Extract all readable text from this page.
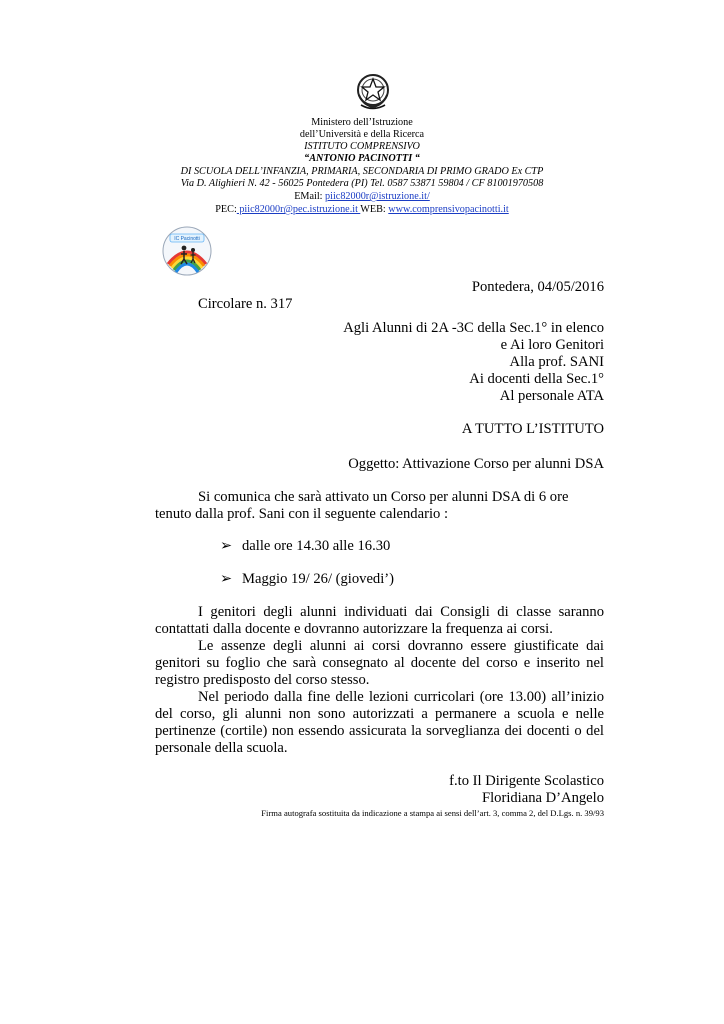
Ministero dell’Istruzione
dell’Università e della Ricerca
ISTITUTO COMPRENSIVO
“ANTONIO PACINOTTI “
DI SCUOLA DELL’INFANZIA, PRIMARIA, SECONDARIA DI PRIMO GRADO Ex CTP
Via D. Alighieri N. 42 - 56025 Pontedera (PI) Tel. 0587 53871 59804 / CF 81001970508
EMail: piic82000r@istruzione.it/
PEC: piic82000r@pec.istruzione.it WEB: www.comprensivopacinotti.it
IC Pacinotti
Pontedera, 04/05/2016
Circolare n. 317
Agli Alunni di 2A -3C della Sec.1° in elenco
e Ai loro Genitori
Alla prof. SANI
Ai docenti della Sec.1°
Al personale ATA
A TUTTO L’ISTITUTO
Oggetto: Attivazione Corso per alunni DSA
Si comunica che sarà attivato un Corso per alunni DSA di 6 ore
tenuto dalla prof. Sani con il seguente calendario :
➢ dalle ore 14.30 alle 16.30
➢ Maggio 19/ 26/ (giovedi’)
I genitori degli alunni individuati dai Consigli di classe saranno contattati dalla docente e dovranno autorizzare la frequenza ai corsi.
Le assenze degli alunni ai corsi dovranno essere giustificate dai genitori su foglio che sarà consegnato al docente del corso e inserito nel registro predisposto del corso stesso.
Nel periodo dalla fine delle lezioni curricolari (ore 13.00) all’inizio del corso, gli alunni non sono autorizzati a permanere a scuola e nelle pertinenze (cortile) non essendo assicurata la sorveglianza dei docenti o del personale della scuola.
f.to Il Dirigente Scolastico
Floridiana D’Angelo
Firma autografa sostituita da indicazione a stampa ai sensi dell’art. 3, comma 2, del D.Lgs. n. 39/93
